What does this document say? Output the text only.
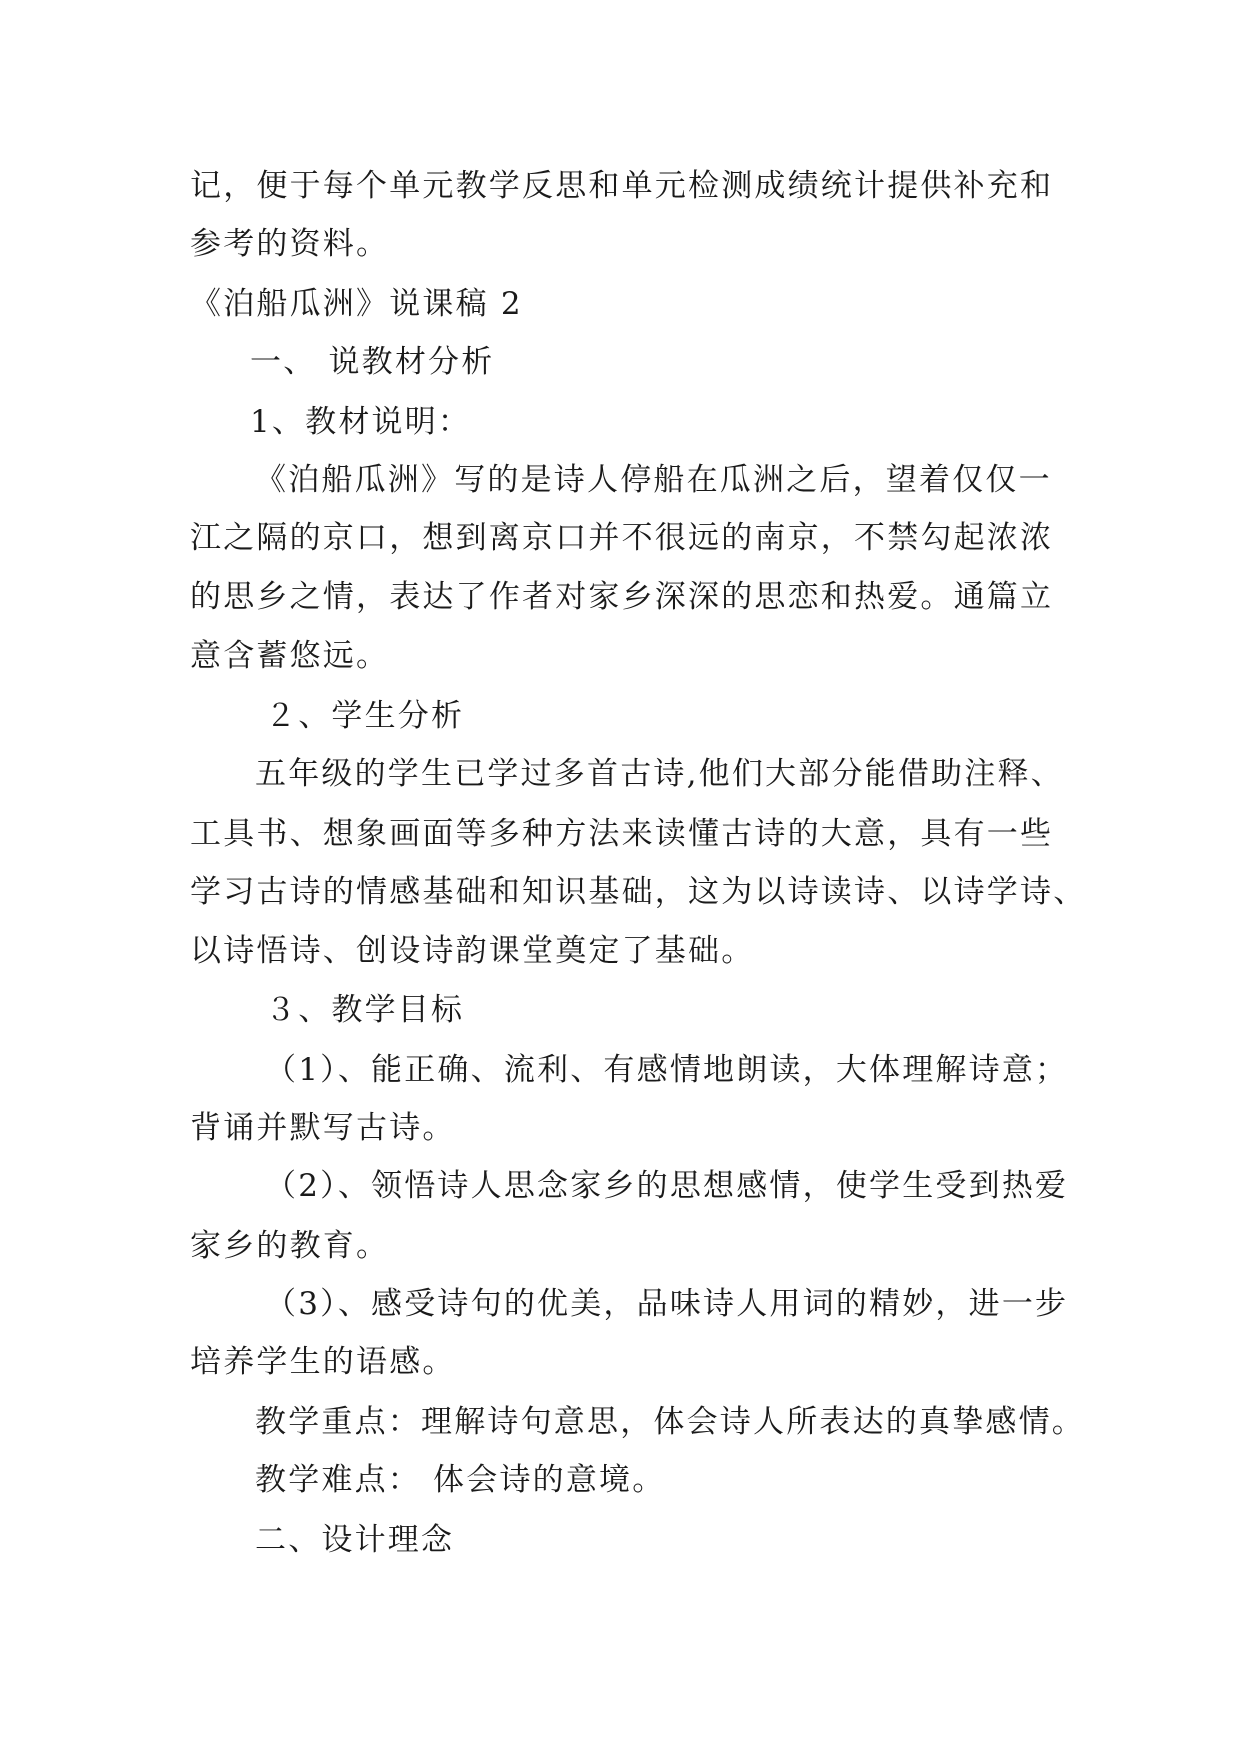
记，便于每个单元教学反思和单元检测成绩统计提供补充和
参考的资料。
《泊船瓜洲》说课稿 2
一、 说教材分析
1、教材说明：
《泊船瓜洲》写的是诗人停船在瓜洲之后，望着仅仅一
江之隔的京口，想到离京口并不很远的南京，不禁勾起浓浓
的思乡之情，表达了作者对家乡深深的思恋和热爱。通篇立
意含蓄悠远。
２、学生分析
五年级的学生已学过多首古诗,他们大部分能借助注释、
工具书、想象画面等多种方法来读懂古诗的大意，具有一些
学习古诗的情感基础和知识基础，这为以诗读诗、以诗学诗、
以诗悟诗、创设诗韵课堂奠定了基础。
３、教学目标
（1）、能正确、流利、有感情地朗读，大体理解诗意；
背诵并默写古诗。
（2）、领悟诗人思念家乡的思想感情，使学生受到热爱
家乡的教育。
（3）、感受诗句的优美，品味诗人用词的精妙，进一步
培养学生的语感。
教学重点：理解诗句意思，体会诗人所表达的真挚感情。
教学难点： 体会诗的意境。
二、设计理念
